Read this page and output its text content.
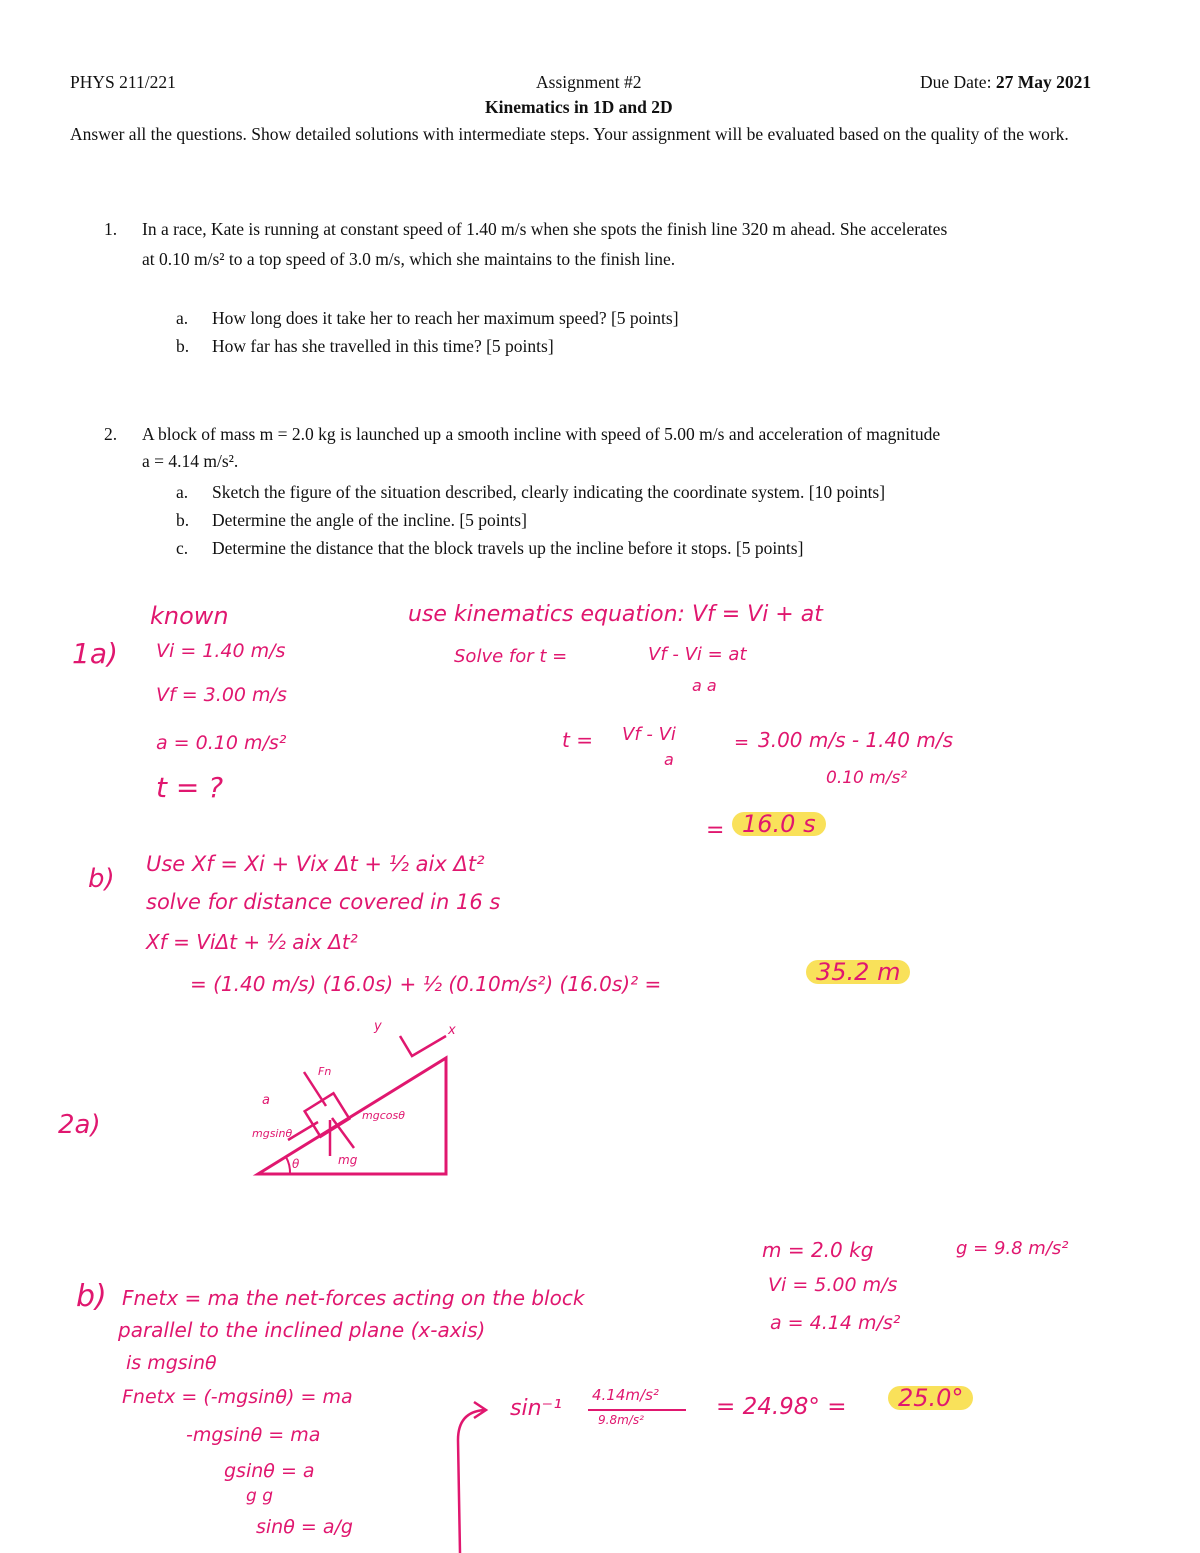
PHYS 211/221	Assignment #2	Due Date: 27 May 2021
Kinematics in 1D and 2D
Answer all the questions. Show detailed solutions with intermediate steps. Your assignment will be evaluated based on the quality of the work.
1. In a race, Kate is running at constant speed of 1.40 m/s when she spots the finish line 320 m ahead. She accelerates
at 0.10 m/s² to a top speed of 3.0 m/s, which she maintains to the finish line.
a. How long does it take her to reach her maximum speed? [5 points]
b. How far has she travelled in this time? [5 points]
2. A block of mass m = 2.0 kg is launched up a smooth incline with speed of 5.00 m/s and acceleration of magnitude
a = 4.14 m/s².
a. Sketch the figure of the situation described, clearly indicating the coordinate system. [10 points]
b. Determine the angle of the incline. [5 points]
c. Determine the distance that the block travels up the incline before it stops. [5 points]
1a)
known
Vi = 1.40 m/s
Vf = 3.00 m/s
a = 0.10 m/s²
t = ?
use kinematics equation: Vf = Vi + at
Solve for t =	Vf - Vi = at
a a
t = Vf - Vi
a
= 3.00 m/s - 1.40 m/s
0.10 m/s²
= 16.0 s
Use Xf = Xi + Vix Δt + ½ aix Δt²
b)
solve for distance covered in 16 s
Xf = ViΔt + ½ aix Δt²
= (1.40 m/s) (16.0s) + ½ (0.10m/s²) (16.0s)² =	35.2 m
2a)
y	x
a
Fn
mgsinθ
mgcosθ
mg
θ
m = 2.0 kg	g = 9.8 m/s²
Vi = 5.00 m/s
a = 4.14 m/s²
b) Fnetx = ma the net-forces acting on the block
parallel to the inclined plane (x-axis)
is mgsinθ
Fnetx = (-mgsinθ) = ma
-mgsinθ = ma
gsinθ = a
g g
sinθ = a/g
sin⁻¹
4.14m/s²
9.8m/s²	= 24.98° =	25.0°
